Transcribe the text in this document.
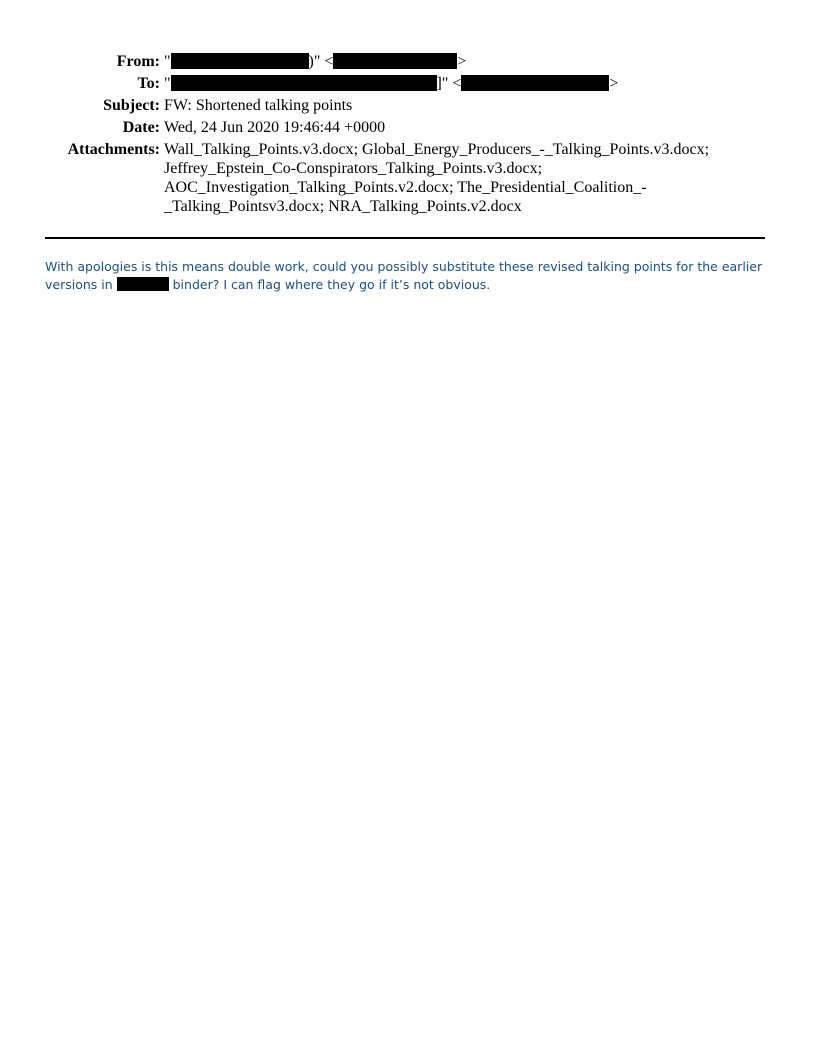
From: "	)" <	>
To: "	]" <	>
Subject: FW: Shortened talking points
Date: Wed, 24 Jun 2020 19:46:44 +0000
Attachments: Wall_Talking_Points.v3.docx; Global_Energy_Producers_-_Talking_Points.v3.docx; Jeffrey_Epstein_Co-Conspirators_Talking_Points.v3.docx; AOC_Investigation_Talking_Points.v2.docx; The_Presidential_Coalition_-_Talking_Pointsv3.docx; NRA_Talking_Points.v2.docx
With apologies is this means double work, could you possibly substitute these revised talking points for the earlier versions in	binder? I can flag where they go if it’s not obvious.
